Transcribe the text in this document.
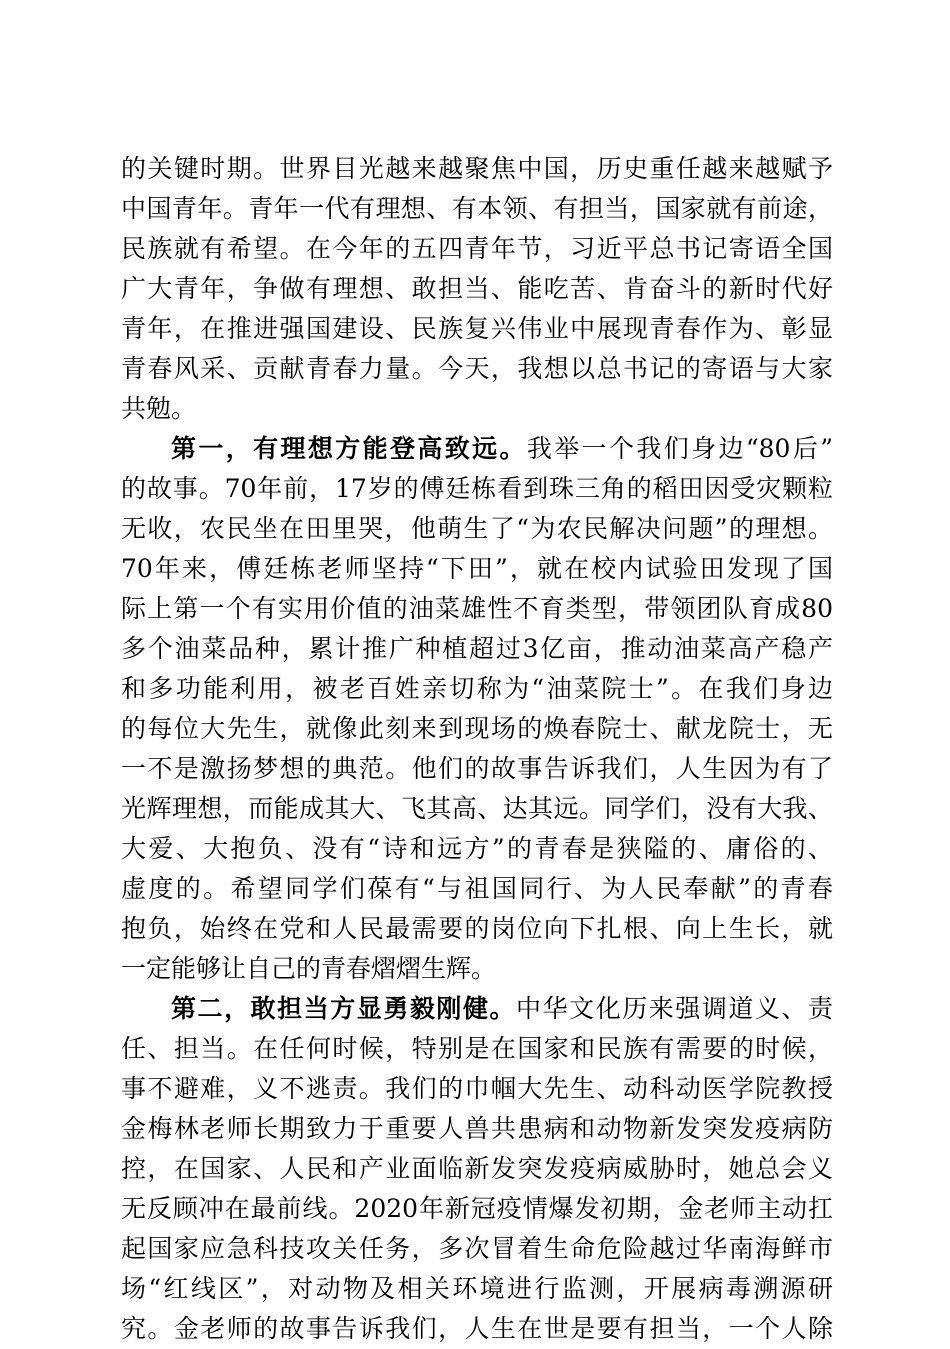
的关键时期。世界目光越来越聚焦中国，历史重任越来越赋予
中国青年。青年一代有理想、有本领、有担当，国家就有前途，
民族就有希望。在今年的五四青年节，习近平总书记寄语全国
广大青年，争做有理想、敢担当、能吃苦、肯奋斗的新时代好
青年，在推进强国建设、民族复兴伟业中展现青春作为、彰显
青春风采、贡献青春力量。今天，我想以总书记的寄语与大家
共勉。
第一，有理想方能登高致远。我举一个我们身边“80后”
的故事。70年前，17岁的傅廷栋看到珠三角的稻田因受灾颗粒
无收，农民坐在田里哭，他萌生了“为农民解决问题”的理想。
70年来，傅廷栋老师坚持“下田”，就在校内试验田发现了国
际上第一个有实用价值的油菜雄性不育类型，带领团队育成80
多个油菜品种，累计推广种植超过3亿亩，推动油菜高产稳产
和多功能利用，被老百姓亲切称为“油菜院士”。在我们身边
的每位大先生，就像此刻来到现场的焕春院士、献龙院士，无
一不是激扬梦想的典范。他们的故事告诉我们，人生因为有了
光辉理想，而能成其大、飞其高、达其远。同学们，没有大我、
大爱、大抱负、没有“诗和远方”的青春是狭隘的、庸俗的、
虚度的。希望同学们葆有“与祖国同行、为人民奉献”的青春
抱负，始终在党和人民最需要的岗位向下扎根、向上生长，就
一定能够让自己的青春熠熠生辉。
第二，敢担当方显勇毅刚健。中华文化历来强调道义、责
任、担当。在任何时候，特别是在国家和民族有需要的时候，
事不避难，义不逃责。我们的巾帼大先生、动科动医学院教授
金梅林老师长期致力于重要人兽共患病和动物新发突发疫病防
控，在国家、人民和产业面临新发突发疫病威胁时，她总会义
无反顾冲在最前线。2020年新冠疫情爆发初期，金老师主动扛
起国家应急科技攻关任务，多次冒着生命危险越过华南海鲜市
场“红线区”，对动物及相关环境进行监测，开展病毒溯源研
究。金老师的故事告诉我们，人生在世是要有担当，一个人除
